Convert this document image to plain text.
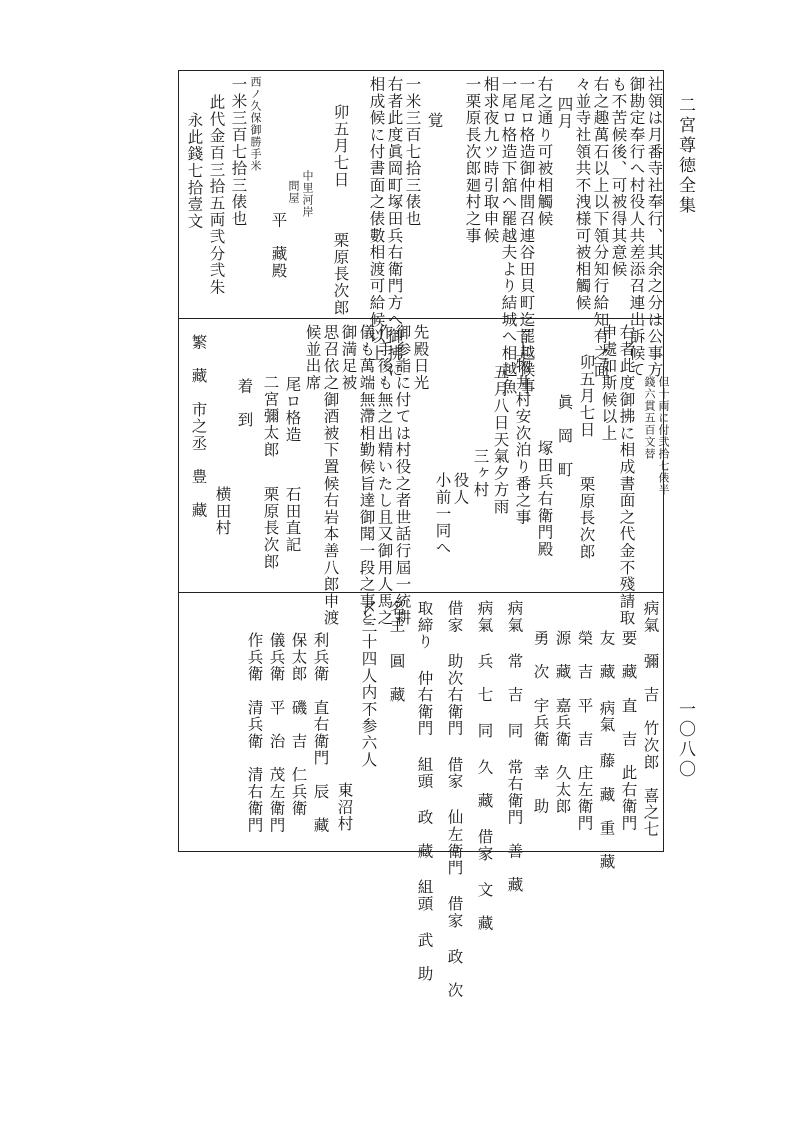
二宮尊徳全集
一〇八〇
社領は月番寺社奉行、其余之分は公事方
御勘定奉行へ村役人共差添召連出訴候て
も不苦候後、可被得其意候
右之趣萬石以上以下領分知行給知有之面
々並寺社領共不洩様可被相觸候
四月
右之通り可被相觸候
一尾ロ格造御仲間召連谷田貝町迄罷越候事
一尾ロ格造下舘へ罷越夫より結城へ相越魚
相求夜九ツ時引取申候
一栗原長次郎廻村之事
覚
一米三百七拾三俵也
右者此度眞岡町塚田兵右衛門方へ御拂に
相成候に付書面之俵數相渡可給候以上
卯五月七日
栗原長次郎
中里河岸
問屋
平　藏殿
西ノ久保御勝手米
一米三百七拾三俵也
此代金百三拾五両弐分弐朱
永此錢七拾壹文
但十両に付弐拾七俵半
錢六貫五百文替
右者此度御拂に相成書面之代金不殘請取
申處如斯候以上
卯五月七日
栗原長次郎
眞　岡　町
塚田兵右衛門殿
一上物井村安次泊り番之事
五月八日天氣夕方雨
三ヶ村
役人
小前一同へ
先殿日光
御参詣に付ては村役之者世話行屆一統耕
作手後も無之出精いたし且又御用人馬之
儀も萬端無滯相勤候旨達御聞一段之事と
御満足被
思召依之御酒被下置候右岩本善八郎申渡
候並出席
尾ロ格造
石田直記
二宮彌太郎
栗原長次郎
着　到
横田村
繁　藏　市之丞　豊　藏
病氣 彌　吉　竹次郎　喜之七
要　藏　直　吉　此右衛門
友　藏 病氣 藤　藏　重　藏
榮　吉　平　吉　庄左衛門
源　藏　嘉兵衛　久太郎
勇　次　宇兵衛　幸　助
病氣 常　吉 同 常右衛門　善　藏
病氣 兵　七 同 久　藏 借家 文　藏
借家 助次右衛門 借家 仙左衛門 借家 政　次
取締り 仲右衛門 組頭 政　藏 組頭 武　助
名主 圓　藏
〆三十四人内不参六人
東沼村
利兵衛　直右衛門　辰　藏
保太郎　磯　吉　仁兵衛
儀兵衛　平　治　茂左衛門
作兵衛　清兵衛　清右衛門
